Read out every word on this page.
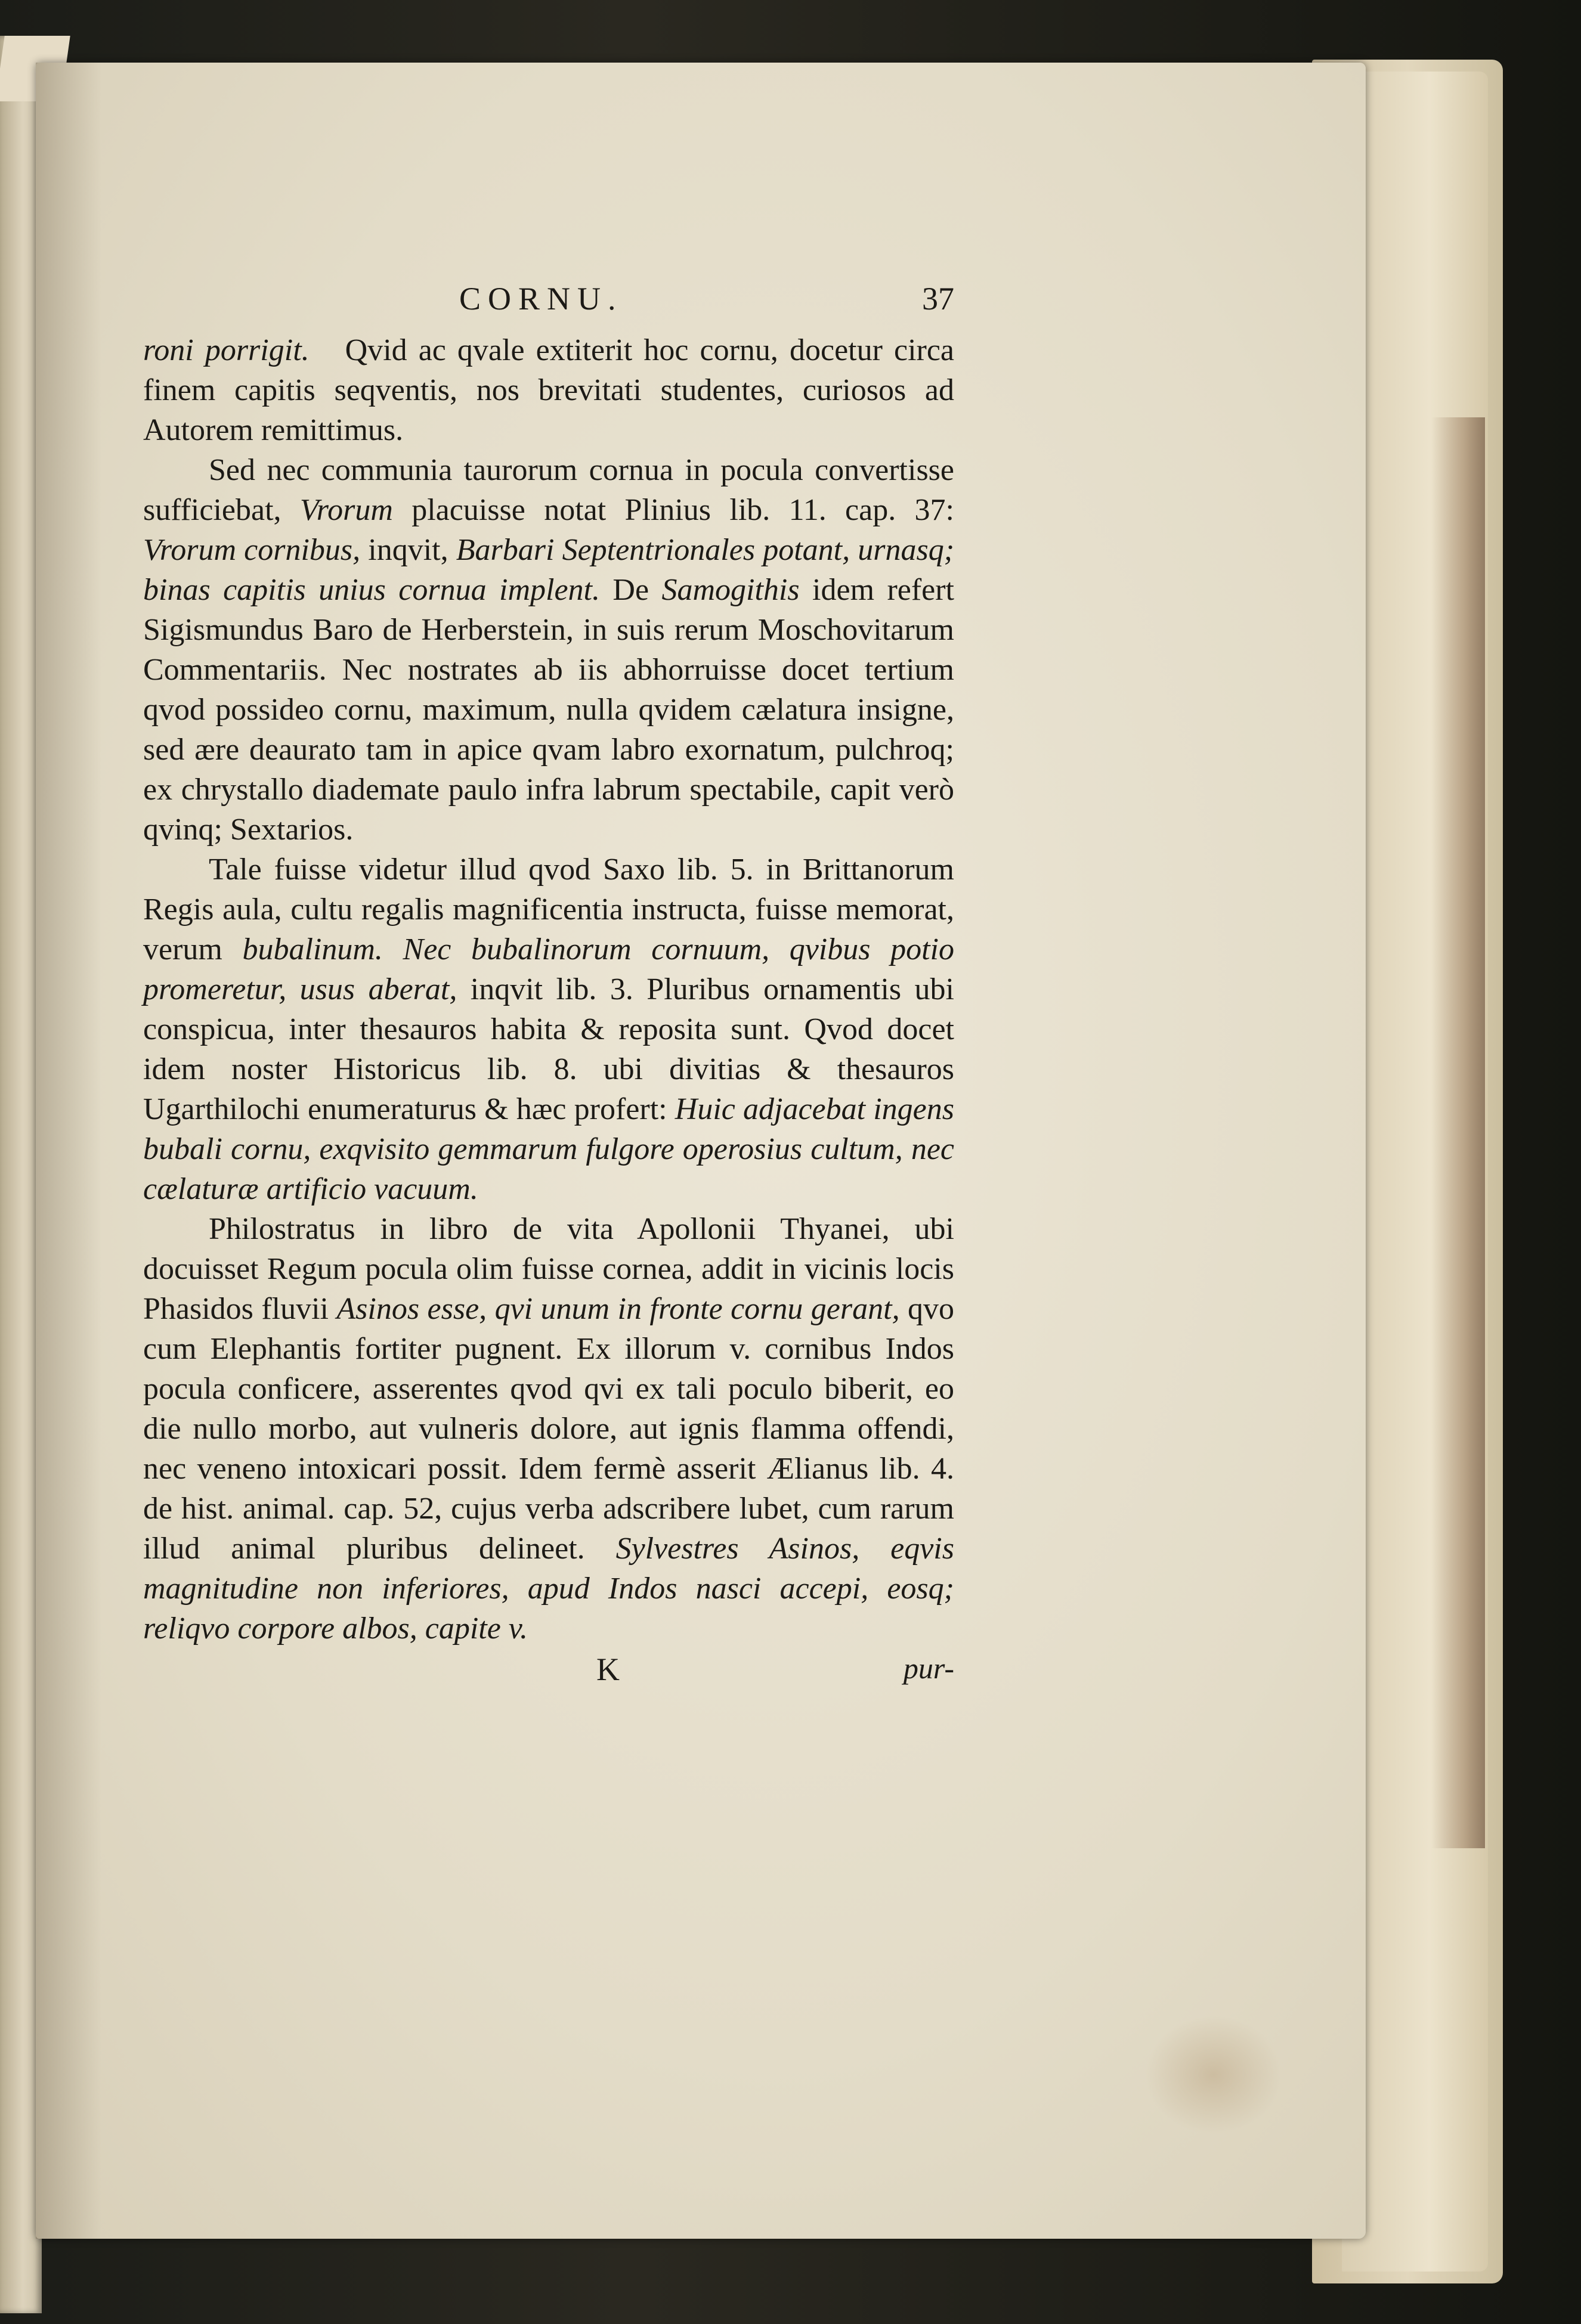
CORNU.	37

roni porrigit. Qvid ac qvale extiterit hoc cornu, docetur circa finem capitis seqventis, nos brevitati studentes, curiosos ad Autorem remittimus.

Sed nec communia taurorum cornua in pocula convertisse sufficiebat, Vrorum placuisse notat Plinius lib. 11. cap. 37: Vrorum cornibus, inqvit, Barbari Septentrionales potant, urnasq; binas capitis unius cornua implent. De Samogithis idem refert Sigismundus Baro de Herberstein, in suis rerum Moschovitarum Commentariis. Nec nostrates ab iis abhorruisse docet tertium qvod possideo cornu, maximum, nulla qvidem cælatura insigne, sed ære deaurato tam in apice qvam labro exornatum, pulchroq; ex chrystallo diademate paulo infra labrum spectabile, capit verò qvinq; Sextarios.

Tale fuisse videtur illud qvod Saxo lib. 5. in Brittanorum Regis aula, cultu regalis magnificentia instructa, fuisse memorat, verum bubalinum. Nec bubalinorum cornuum, qvibus potio promeretur, usus aberat, inqvit lib. 3. Pluribus ornamentis ubi conspicua, inter thesauros habita & reposita sunt. Qvod docet idem noster Historicus lib. 8. ubi divitias & thesauros Ugarthilochi enumeraturus & hæc profert: Huic adjacebat ingens bubali cornu, exqvisito gemmarum fulgore operosius cultum, nec cælaturæ artificio vacuum.

Philostratus in libro de vita Apollonii Thyanei, ubi docuisset Regum pocula olim fuisse cornea, addit in vicinis locis Phasidos fluvii Asinos esse, qvi unum in fronte cornu gerant, qvo cum Elephantis fortiter pugnent. Ex illorum v. cornibus Indos pocula conficere, asserentes qvod qvi ex tali poculo biberit, eo die nullo morbo, aut vulneris dolore, aut ignis flamma offendi, nec veneno intoxicari possit. Idem fermè asserit Ælianus lib. 4. de hist. animal. cap. 52, cujus verba adscribere lubet, cum rarum illud animal pluribus delineet. Sylvestres Asinos, eqvis magnitudine non inferiores, apud Indos nasci accepi, eosq; reliqvo corpore albos, capite v.

K	pur-
